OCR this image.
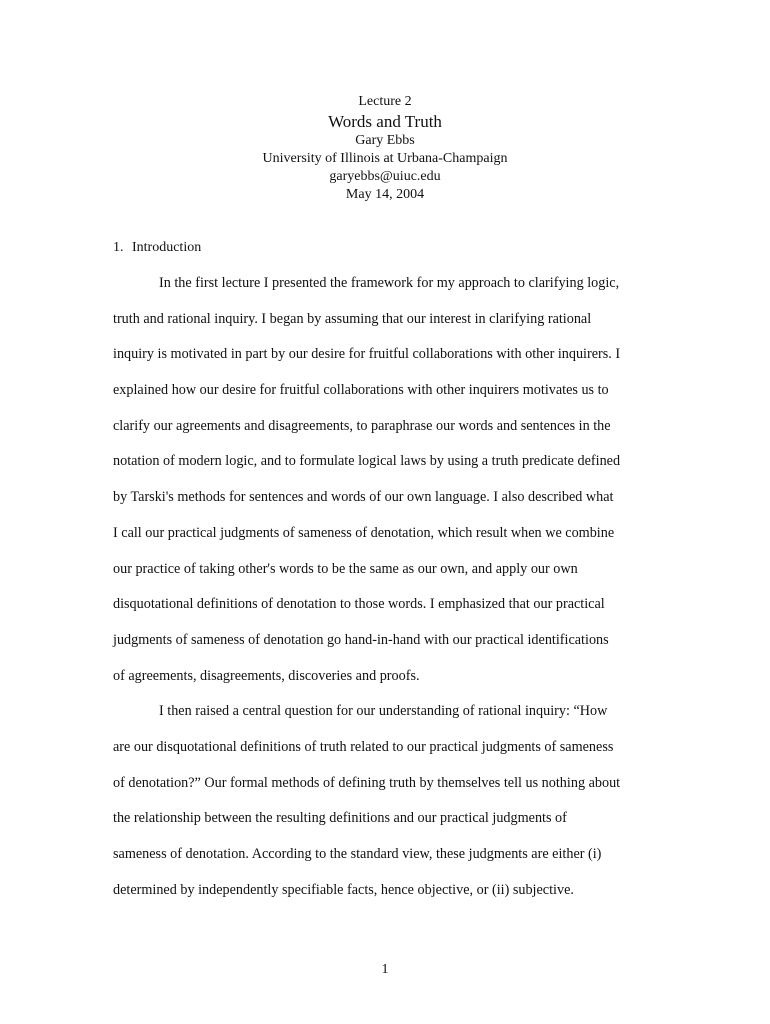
Lecture 2
Words and Truth
Gary Ebbs
University of Illinois at Urbana-Champaign
garyebbs@uiuc.edu
May 14, 2004
1. Introduction
In the first lecture I presented the framework for my approach to clarifying logic,
truth and rational inquiry. I began by assuming that our interest in clarifying rational
inquiry is motivated in part by our desire for fruitful collaborations with other inquirers. I
explained how our desire for fruitful collaborations with other inquirers motivates us to
clarify our agreements and disagreements, to paraphrase our words and sentences in the
notation of modern logic, and to formulate logical laws by using a truth predicate defined
by Tarski's methods for sentences and words of our own language. I also described what
I call our practical judgments of sameness of denotation, which result when we combine
our practice of taking other's words to be the same as our own, and apply our own
disquotational definitions of denotation to those words. I emphasized that our practical
judgments of sameness of denotation go hand-in-hand with our practical identifications
of agreements, disagreements, discoveries and proofs.
I then raised a central question for our understanding of rational inquiry: “How
are our disquotational definitions of truth related to our practical judgments of sameness
of denotation?” Our formal methods of defining truth by themselves tell us nothing about
the relationship between the resulting definitions and our practical judgments of
sameness of denotation. According to the standard view, these judgments are either (i)
determined by independently specifiable facts, hence objective, or (ii) subjective.
1
